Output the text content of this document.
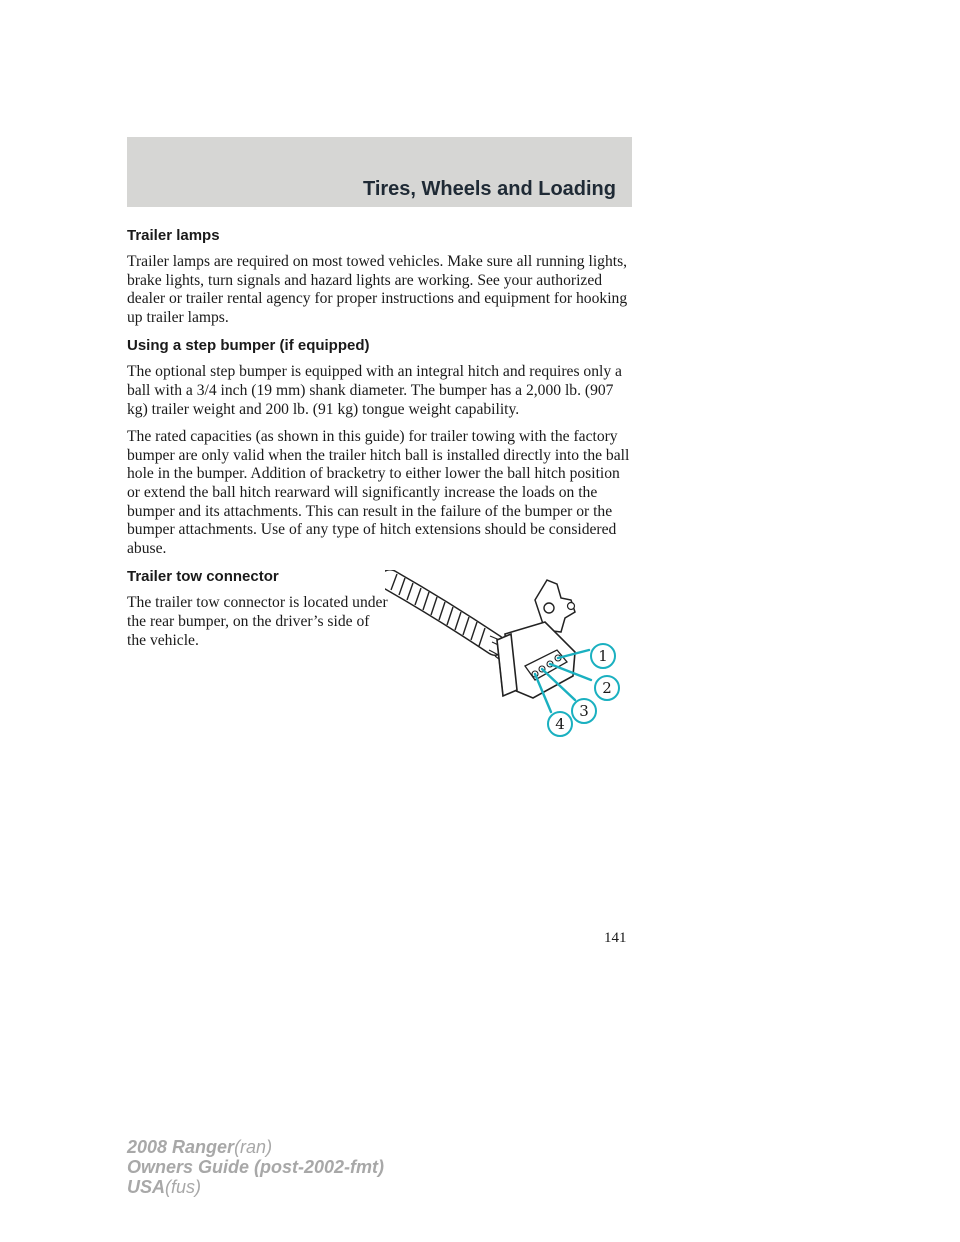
Tires, Wheels and Loading
Trailer lamps

Trailer lamps are required on most towed vehicles. Make sure all running lights, brake lights, turn signals and hazard lights are working. See your authorized dealer or trailer rental agency for proper instructions and equipment for hooking up trailer lamps.

Using a step bumper (if equipped)

The optional step bumper is equipped with an integral hitch and requires only a ball with a 3/4 inch (19 mm) shank diameter. The bumper has a 2,000 lb. (907 kg) trailer weight and 200 lb. (91 kg) tongue weight capability.

The rated capacities (as shown in this guide) for trailer towing with the factory bumper are only valid when the trailer hitch ball is installed directly into the ball hole in the bumper. Addition of bracketry to either lower the ball hitch position or extend the ball hitch rearward will significantly increase the loads on the bumper and its attachments. This can result in the failure of the bumper or the bumper attachments. Use of any type of hitch extensions should be considered abuse.

Trailer tow connector

The trailer tow connector is located under the rear bumper, on the driver’s side of the vehicle.

1
2
3
4
141
2008 Ranger(ran)
Owners Guide (post-2002-fmt)
USA(fus)
